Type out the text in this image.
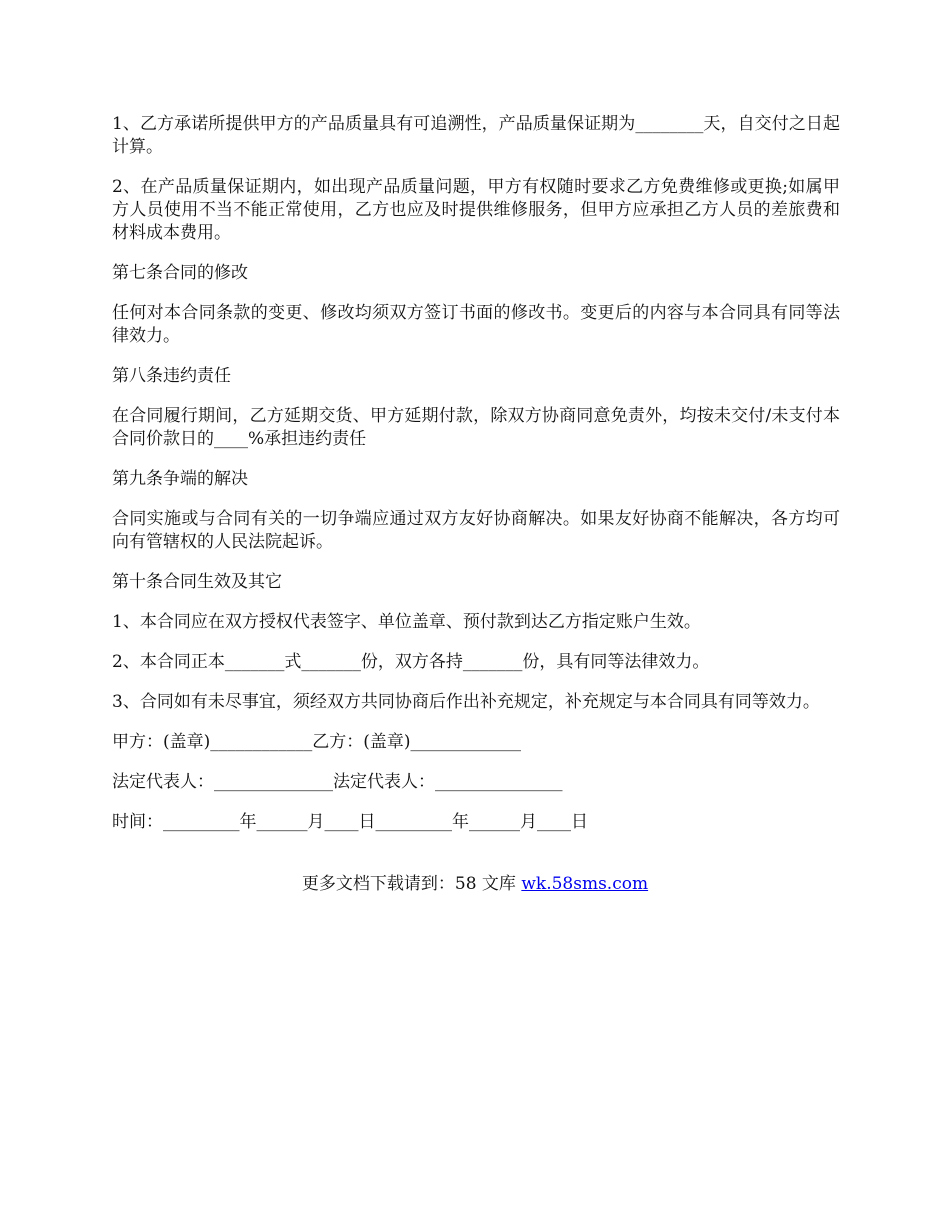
1、乙方承诺所提供甲方的产品质量具有可追溯性，产品质量保证期为________天，自交付之日起计算。

2、在产品质量保证期内，如出现产品质量问题，甲方有权随时要求乙方免费维修或更换;如属甲方人员使用不当不能正常使用，乙方也应及时提供维修服务，但甲方应承担乙方人员的差旅费和材料成本费用。

第七条合同的修改

任何对本合同条款的变更、修改均须双方签订书面的修改书。变更后的内容与本合同具有同等法律效力。

第八条违约责任

在合同履行期间，乙方延期交货、甲方延期付款，除双方协商同意免责外，均按未交付/未支付本合同价款日的____%承担违约责任

第九条争端的解决

合同实施或与合同有关的一切争端应通过双方友好协商解决。如果友好协商不能解决，各方均可向有管辖权的人民法院起诉。

第十条合同生效及其它

1、本合同应在双方授权代表签字、单位盖章、预付款到达乙方指定账户生效。

2、本合同正本_______式_______份，双方各持_______份，具有同等法律效力。

3、合同如有未尽事宜，须经双方共同协商后作出补充规定，补充规定与本合同具有同等效力。

甲方：(盖章)____________乙方：(盖章)_____________

法定代表人：______________法定代表人：_______________

时间：_________年______月____日_________年______月____日

更多文档下载请到：58 文库 wk.58sms.com
